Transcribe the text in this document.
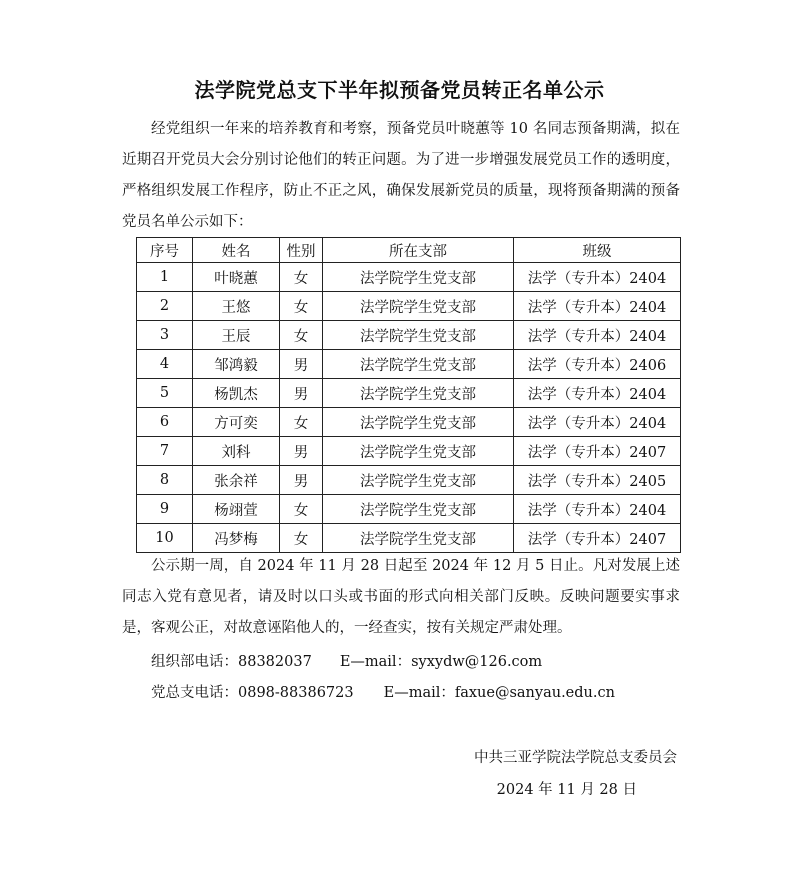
法学院党总支下半年拟预备党员转正名单公示
经党组织一年来的培养教育和考察，预备党员叶晓蕙等 10 名同志预备期满，拟在近期召开党员大会分别讨论他们的转正问题。为了进一步增强发展党员工作的透明度，严格组织发展工作程序，防止不正之风，确保发展新党员的质量，现将预备期满的预备党员名单公示如下：
序号	姓名	性别	所在支部	班级
1	叶晓蕙	女	法学院学生党支部	法学（专升本）2404
2	王悠	女	法学院学生党支部	法学（专升本）2404
3	王辰	女	法学院学生党支部	法学（专升本）2404
4	邹鸿毅	男	法学院学生党支部	法学（专升本）2406
5	杨凯杰	男	法学院学生党支部	法学（专升本）2404
6	方可奕	女	法学院学生党支部	法学（专升本）2404
7	刘科	男	法学院学生党支部	法学（专升本）2407
8	张余祥	男	法学院学生党支部	法学（专升本）2405
9	杨翊萱	女	法学院学生党支部	法学（专升本）2404
10	冯梦梅	女	法学院学生党支部	法学（专升本）2407
公示期一周，自 2024 年 11 月 28 日起至 2024 年 12 月 5 日止。凡对发展上述同志入党有意见者，请及时以口头或书面的形式向相关部门反映。反映问题要实事求是，客观公正，对故意诬陷他人的，一经查实，按有关规定严肃处理。
组织部电话：88382037 E—mail：syxydw@126.com
党总支电话：0898-88386723 E—mail：faxue@sanyau.edu.cn
中共三亚学院法学院总支委员会
2024 年 11 月 28 日
